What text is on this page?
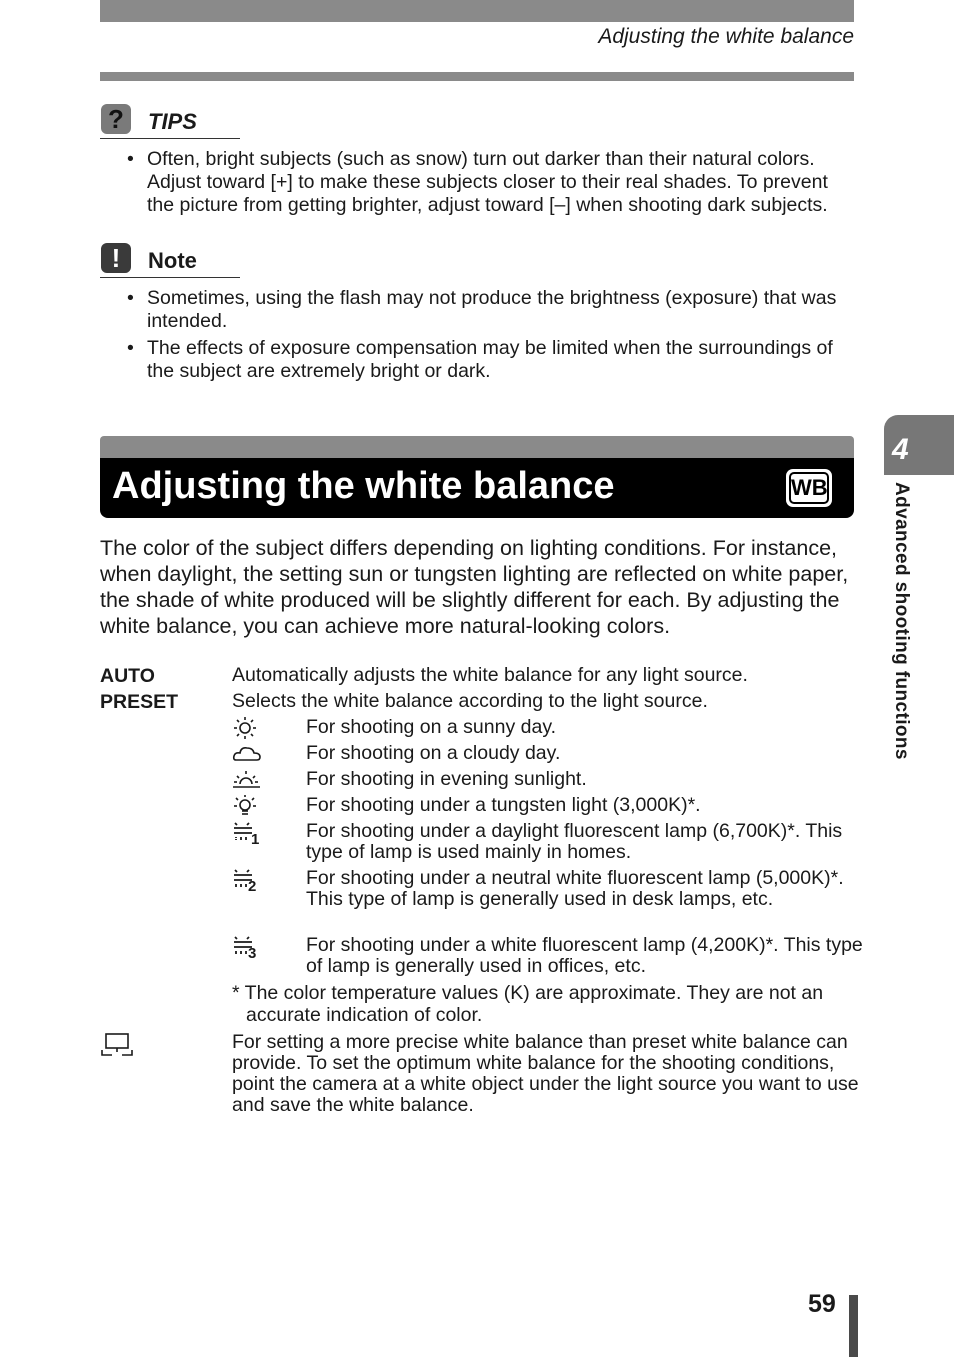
Adjusting the white balance
?	TIPS
• Often, bright subjects (such as snow) turn out darker than their natural colors. Adjust toward [+] to make these subjects closer to their real shades. To prevent the picture from getting brighter, adjust toward [–] when shooting dark subjects.
!	Note
• Sometimes, using the flash may not produce the brightness (exposure) that was intended.
• The effects of exposure compensation may be limited when the surroundings of the subject are extremely bright or dark.
4
Advanced shooting functions
Adjusting the white balance	WB
The color of the subject differs depending on lighting conditions. For instance, when daylight, the setting sun or tungsten lighting are reflected on white paper, the shade of white produced will be slightly different for each. By adjusting the white balance, you can achieve more natural-looking colors.
AUTO	Automatically adjusts the white balance for any light source.
PRESET	Selects the white balance according to the light source.
For shooting on a sunny day.
For shooting on a cloudy day.
For shooting in evening sunlight.
For shooting under a tungsten light (3,000K)*.
1 For shooting under a daylight fluorescent lamp (6,700K)*. This type of lamp is used mainly in homes.
2	For shooting under a neutral white fluorescent lamp (5,000K)*. This type of lamp is generally used in desk lamps, etc.
3	For shooting under a white fluorescent lamp (4,200K)*. This type of lamp is generally used in offices, etc.
* The color temperature values (K) are approximate. They are not an accurate indication of color.
For setting a more precise white balance than preset white balance can provide. To set the optimum white balance for the shooting conditions, point the camera at a white object under the light source you want to use and save the white balance.
59
